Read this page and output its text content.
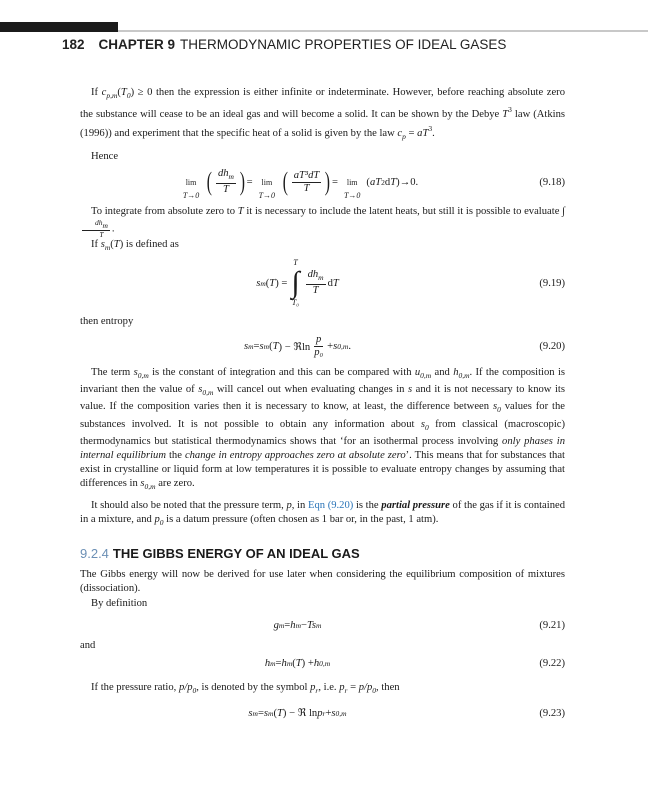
182 CHAPTER 9 THERMODYNAMIC PROPERTIES OF IDEAL GASES
If $c_{p,m}(T_0) \ge 0$ then the expression is either infinite or indeterminate. However, before reaching absolute zero the substance will cease to be an ideal gas and will become a solid. It can be shown by the Debye $T^3$ law (Atkins (1996)) and experiment that the specific heat of a solid is given by the law $c_p = aT^3$.
Hence
lim
T→0 ( $\frac{dh_m}{T}$ ) = lim
T→0 ( $\frac{\text{aT³dT}}{T}$ ) = lim
T→0
( aT 2 d T )→0.	(9.18)
To integrate from absolute zero to T it is necessary to include the latent heats, but still it is possible to evaluate ∫
$\frac{\text{dhm}}{T}$ .
If $s_m(T)$ is defined as
s m ( T ) =
T
∫
T₀
$\frac{dh_m}{T}$ d T	(9.19)
then entropy
s m = s m ( T ) − ℜln $\frac{p}{\text{p₀}} + s$ 0,m .	(9.20)
The term $s_{0,m}$ is the constant of integration and this can be compared with $u_{0,m}$ and $h_{0,m}$. If the composition is invariant then the value of $s_{0,m}$ will cancel out when evaluating changes in s and it is not necessary to know its value. If the composition varies then it is necessary to know, at least, the difference between $s_0$ values for the substances involved. It is not possible to obtain any information about $s_0$ from classical (macroscopic) thermodynamics but statistical thermodynamics shows that ‘for an isothermal process involving only phases in internal equilibrium the change in entropy approaches zero at absolute zero’. This means that for substances that exist in crystalline or liquid form at low temperatures it is possible to evaluate entropy changes by assuming that differences in $s_{0,m}$ are zero.
It should also be noted that the pressure term, p, in Eqn (9.20) is the partial pressure of the gas if it is contained in a mixture, and $p_0$ is a datum pressure (often chosen as 1 bar or, in the past, 1 atm).
9.2.4 THE GIBBS ENERGY OF AN IDEAL GAS
The Gibbs energy will now be derived for use later when considering the equilibrium composition of mixtures (dissociation).
By definition
g m = h m − Ts m	(9.21)
and
h m = h m ( T ) + h 0,m	(9.22)
If the pressure ratio, $p/p_0$, is denoted by the symbol $p_r$, i.e. $p_r = p/p_0$, then
s m = s m ( T ) − ℜ ln p r + s 0,m	(9.23)
